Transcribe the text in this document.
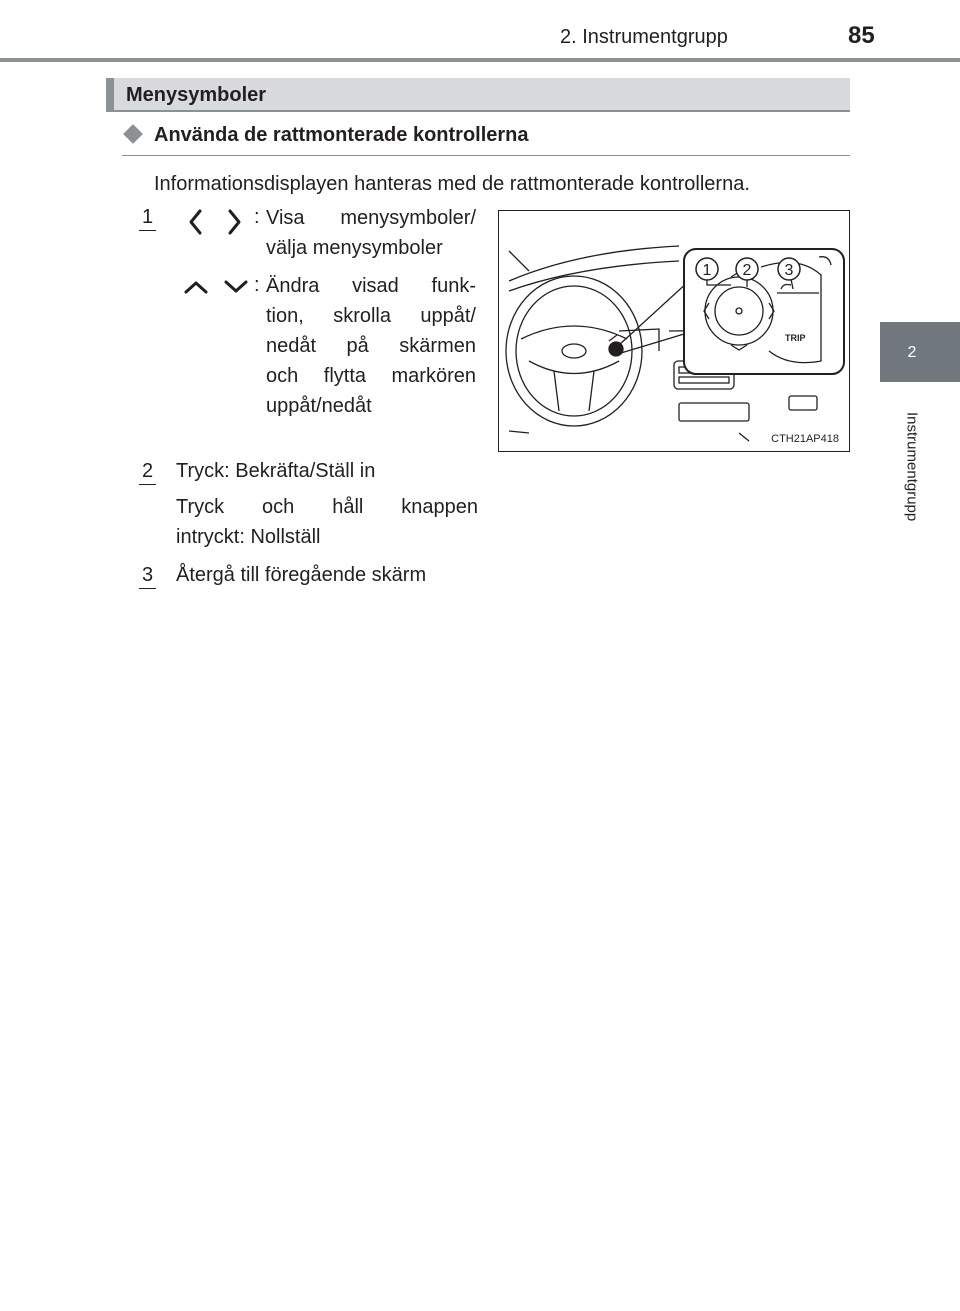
2. Instrumentgrupp	85
2
Instrumentgrupp
Menysymboler
Använda de rattmonterade kontrollerna
Informationsdisplayen hanteras med de rattmonterade kontrollerna.
1	: Visa menysymboler/
välja menysymboler
: Ändra visad funk-
tion, skrolla uppåt/
nedåt på skärmen
och flytta markören
uppåt/nedåt
2 Tryck: Bekräfta/Ställ in
Tryck och håll knappen
intryckt: Nollställ
3 Återgå till föregående skärm
TRIP
1 2 3
CTH21AP418
